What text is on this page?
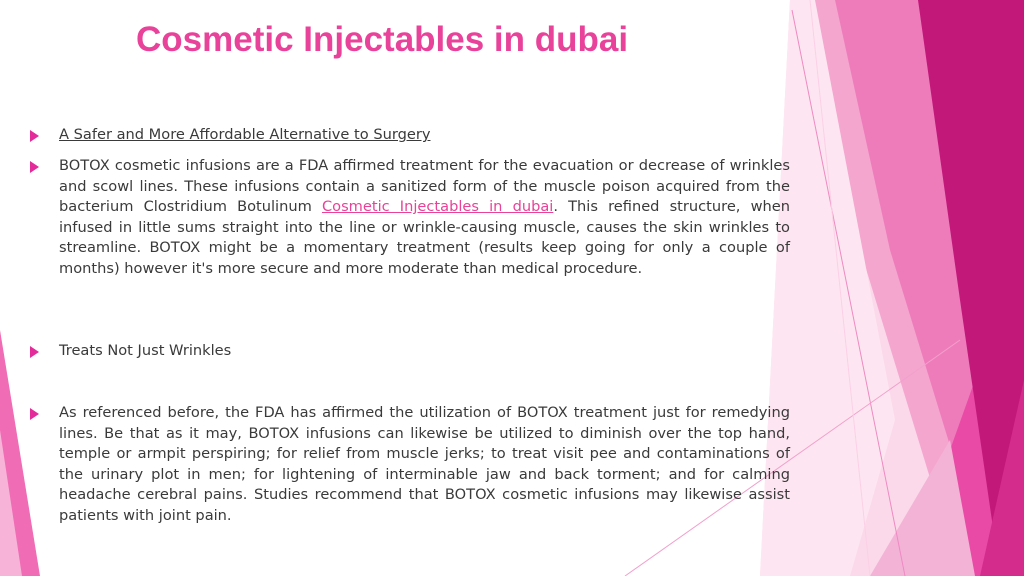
Cosmetic Injectables in dubai
A Safer and More Affordable Alternative to Surgery
BOTOX cosmetic infusions are a FDA affirmed treatment for the evacuation or decrease of wrinkles and scowl lines. These infusions contain a sanitized form of the muscle poison acquired from the bacterium Clostridium Botulinum Cosmetic Injectables in dubai. This refined structure, when infused in little sums straight into the line or wrinkle-causing muscle, causes the skin wrinkles to streamline. BOTOX might be a momentary treatment (results keep going for only a couple of months) however it's more secure and more moderate than medical procedure.
Treats Not Just Wrinkles
As referenced before, the FDA has affirmed the utilization of BOTOX treatment just for remedying lines. Be that as it may, BOTOX infusions can likewise be utilized to diminish over the top hand, temple or armpit perspiring; for relief from muscle jerks; to treat visit pee and contaminations of the urinary plot in men; for lightening of interminable jaw and back torment; and for calming headache cerebral pains. Studies recommend that BOTOX cosmetic infusions may likewise assist patients with joint pain.
